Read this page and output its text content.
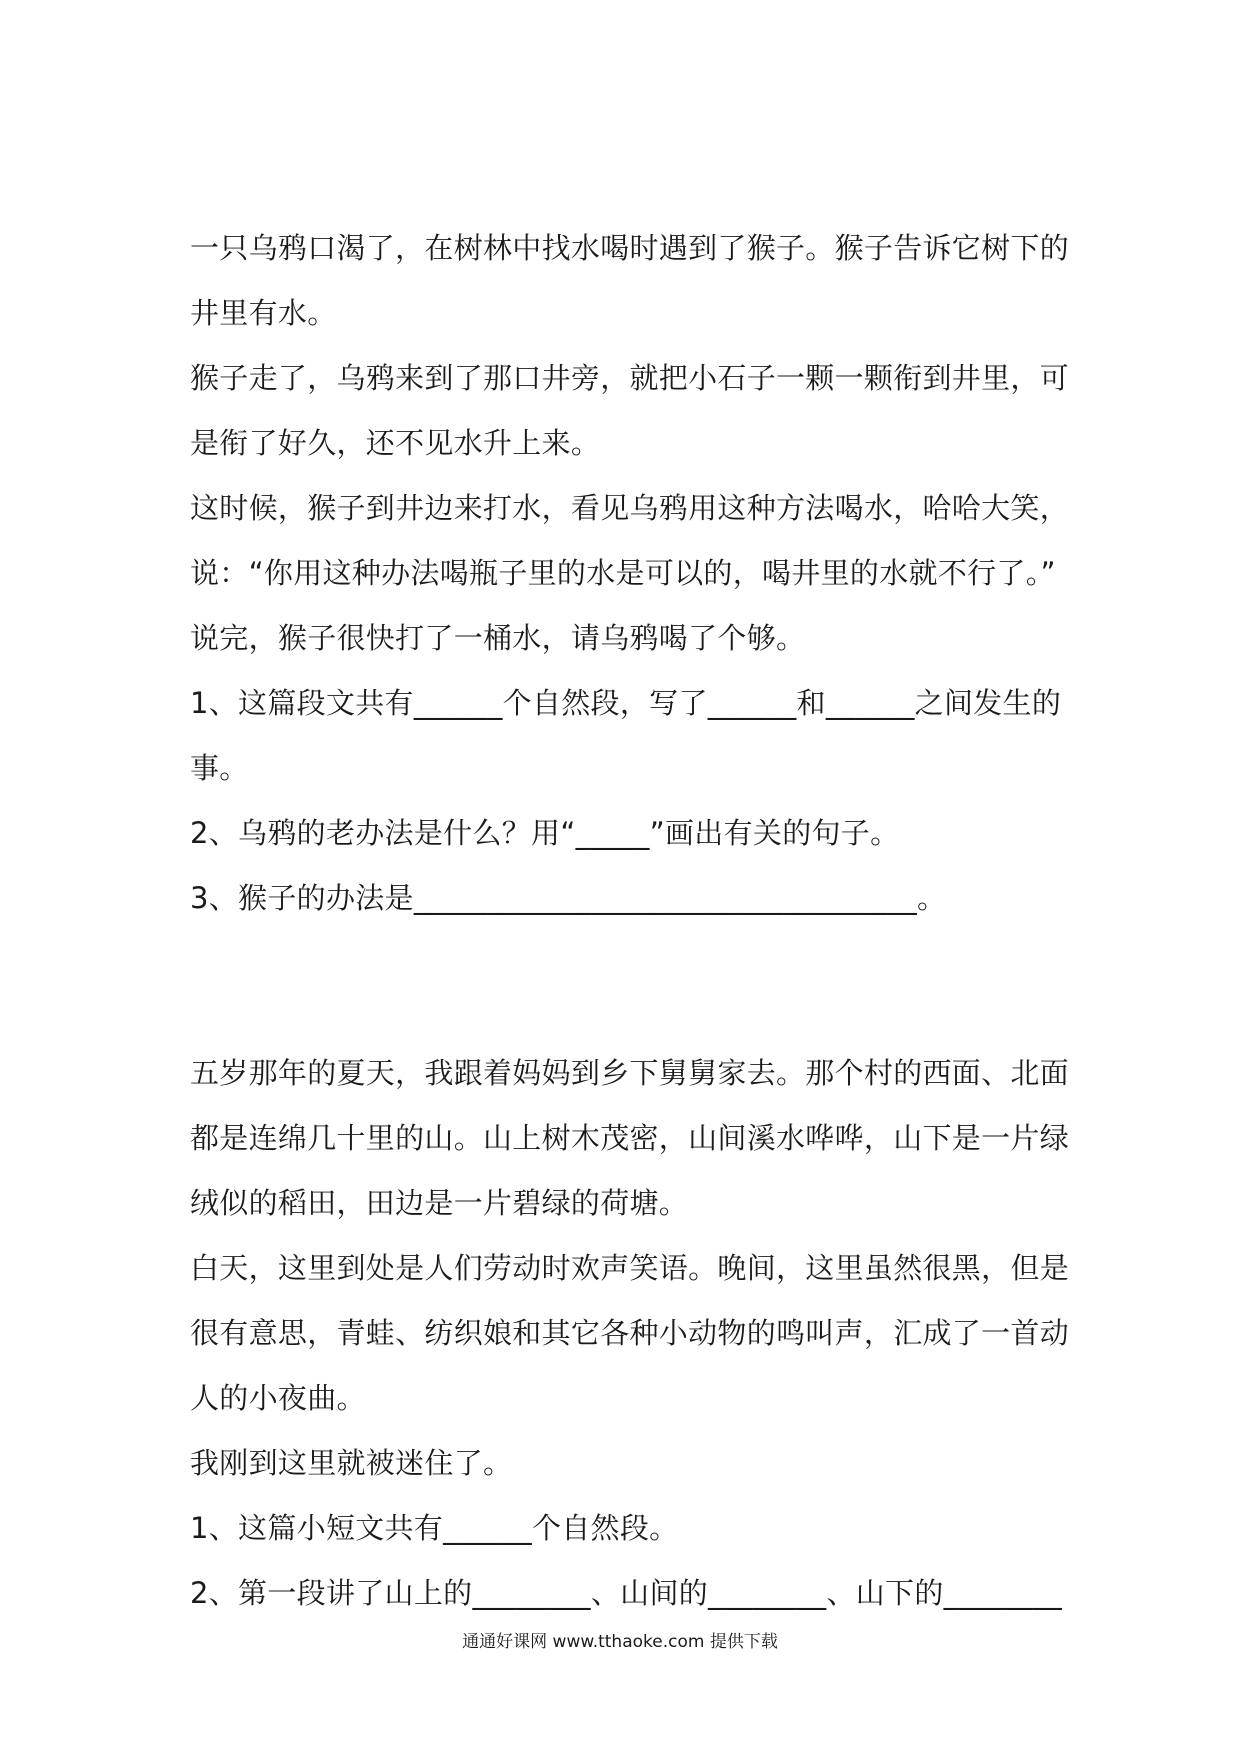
一只乌鸦口渴了，在树林中找水喝时遇到了猴子。猴子告诉它树下的
井里有水。
猴子走了，乌鸦来到了那口井旁，就把小石子一颗一颗衔到井里，可
是衔了好久，还不见水升上来。
这时候，猴子到井边来打水，看见乌鸦用这种方法喝水，哈哈大笑，
说：“你用这种办法喝瓶子里的水是可以的，喝井里的水就不行了。”
说完，猴子很快打了一桶水，请乌鸦喝了个够。
1、这篇段文共有______个自然段，写了______和______之间发生的
事。
2、乌鸦的老办法是什么？用“_____”画出有关的句子。
3、猴子的办法是__________________________________。
五岁那年的夏天，我跟着妈妈到乡下舅舅家去。那个村的西面、北面
都是连绵几十里的山。山上树木茂密，山间溪水哗哗，山下是一片绿
绒似的稻田，田边是一片碧绿的荷塘。
白天，这里到处是人们劳动时欢声笑语。晚间，这里虽然很黑，但是
很有意思，青蛙、纺织娘和其它各种小动物的鸣叫声，汇成了一首动
人的小夜曲。
我刚到这里就被迷住了。
1、这篇小短文共有______个自然段。
2、第一段讲了山上的________、山间的________、山下的________
通通好课网 www.tthaoke.com 提供下载
